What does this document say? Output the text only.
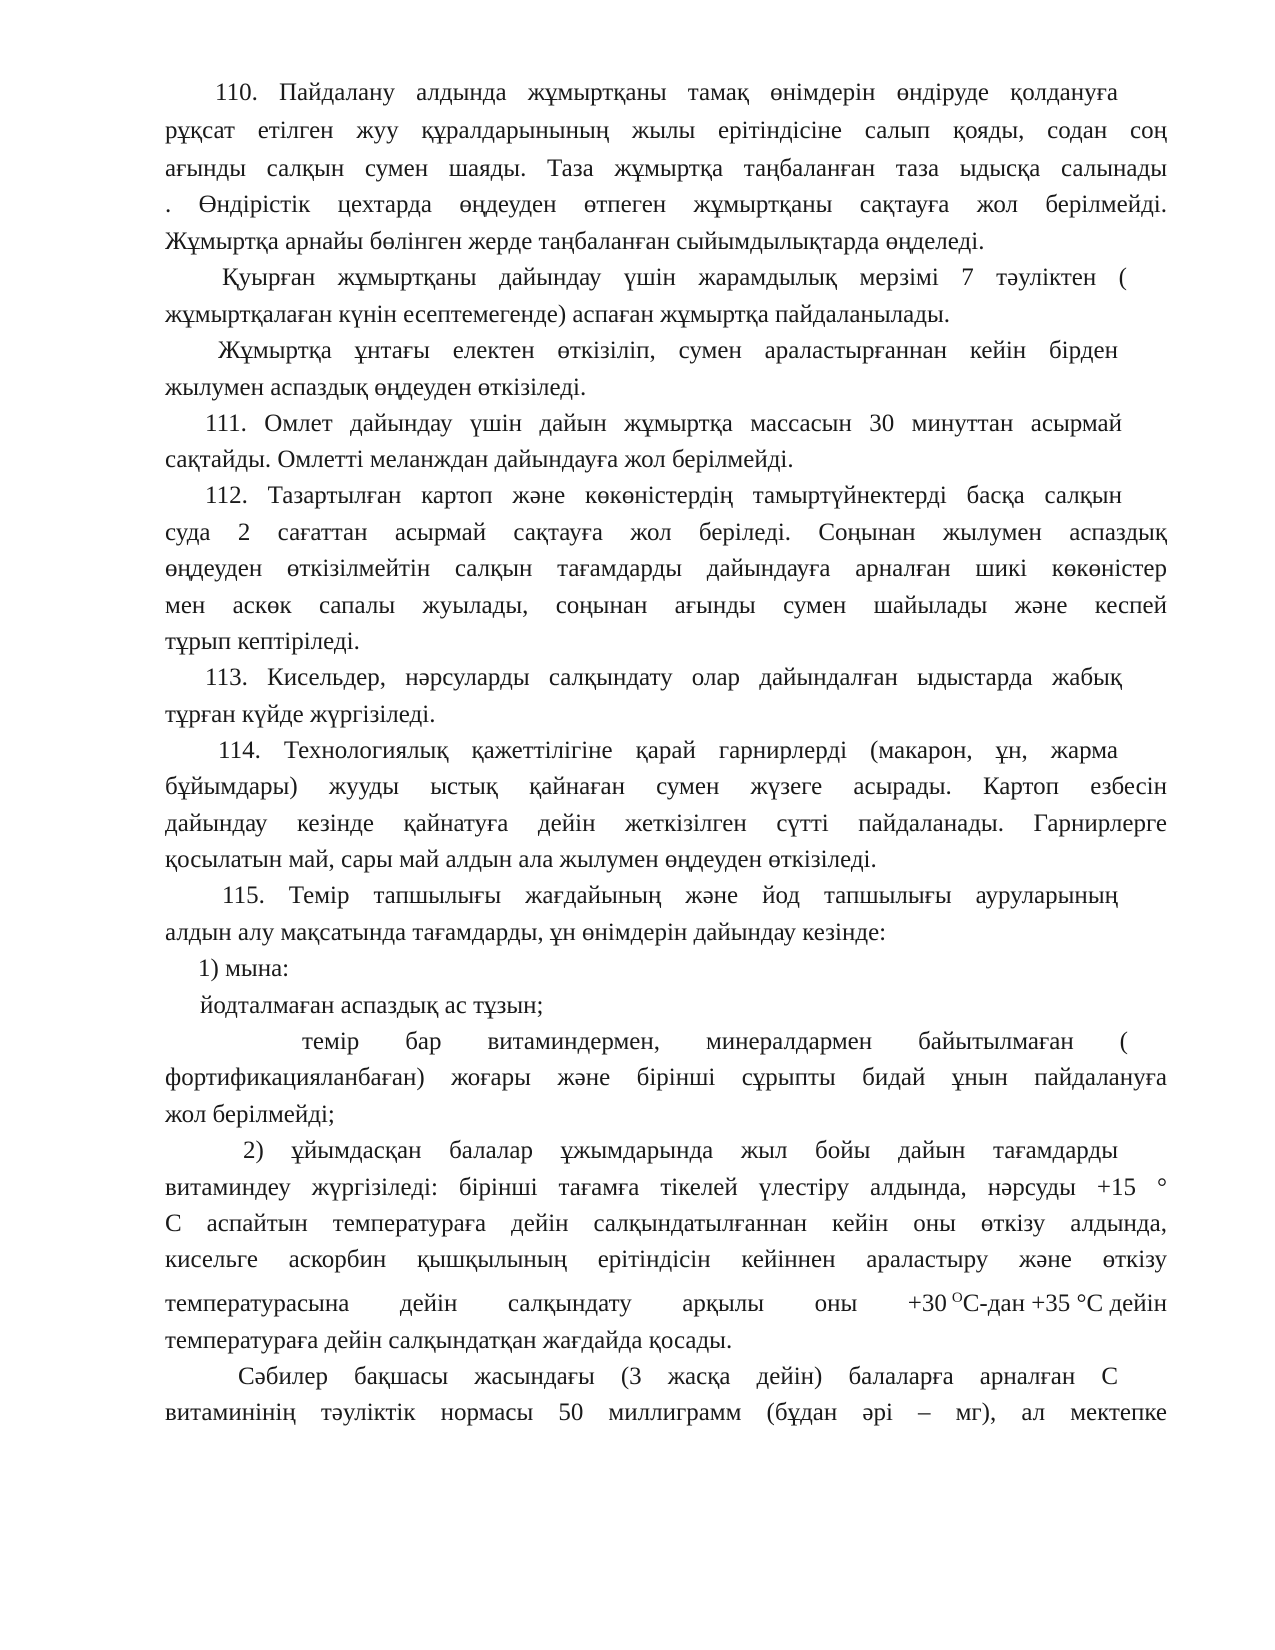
110. Пайдалану алдында жұмыртқаны тамақ өнімдерін өндіруде қолдануға
рұқсат етілген жуу құралдарынының жылы ерітіндісіне салып қояды, содан соң
ағынды салқын сумен шаяды. Таза жұмыртқа таңбаланған таза ыдысқа салынады
. Өндірістік цехтарда өңдеуден өтпеген жұмыртқаны сақтауға жол берілмейді.
Жұмыртқа арнайы бөлінген жерде таңбаланған сыйымдылықтарда өңделеді.
Қуырған жұмыртқаны дайындау үшін жарамдылық мерзімі 7 тәуліктен (
жұмыртқалаған күнін есептемегенде) аспаған жұмыртқа пайдаланылады.
Жұмыртқа ұнтағы електен өткізіліп, сумен араластырғаннан кейін бірден
жылумен аспаздық өңдеуден өткізіледі.
111. Омлет дайындау үшін дайын жұмыртқа массасын 30 минуттан асырмай
сақтайды. Омлетті меланждан дайындауға жол берілмейді.
112. Тазартылған картоп және көкөністердің тамыртүйнектерді басқа салқын
суда 2 сағаттан асырмай сақтауға жол беріледі. Соңынан жылумен аспаздық
өңдеуден өткізілмейтін салқын тағамдарды дайындауға арналған шикі көкөністер
мен аскөк сапалы жуылады, соңынан ағынды сумен шайылады және кеспей
тұрып кептіріледі.
113. Кисельдер, нәрсуларды салқындату олар дайындалған ыдыстарда жабық
тұрған күйде жүргізіледі.
114. Технологиялық қажеттілігіне қарай гарнирлерді (макарон, ұн, жарма
бұйымдары) жууды ыстық қайнаған сумен жүзеге асырады. Картоп езбесін
дайындау кезінде қайнатуға дейін жеткізілген сүтті пайдаланады. Гарнирлерге
қосылатын май, сары май алдын ала жылумен өңдеуден өткізіледі.
115. Темір тапшылығы жағдайының және йод тапшылығы ауруларының
алдын алу мақсатында тағамдарды, ұн өнімдерін дайындау кезінде:
1) мына:
йодталмаған аспаздық ас тұзын;
темір бар витаминдермен, минералдармен байытылмаған (
фортификацияланбаған) жоғары және бірінші сұрыпты бидай ұнын пайдалануға
жол берілмейді;
2) ұйымдасқан балалар ұжымдарында жыл бойы дайын тағамдарды
витаминдеу жүргізіледі: бірінші тағамға тікелей үлестіру алдында, нәрсуды +15 °
С аспайтын температураға дейін салқындатылғаннан кейін оны өткізу алдында,
кисельге аскорбин қышқылының ерітіндісін кейіннен араластыру және өткізу
температурасына дейін салқындату арқылы оны +30 $^O$С-дан +35 °С дейін
температураға дейін салқындатқан жағдайда қосады.
Сәбилер бақшасы жасындағы (3 жасқа дейін) балаларға арналған С
витаминінің тәуліктік нормасы 50 миллиграмм (бұдан әрі – мг), ал мектепке
